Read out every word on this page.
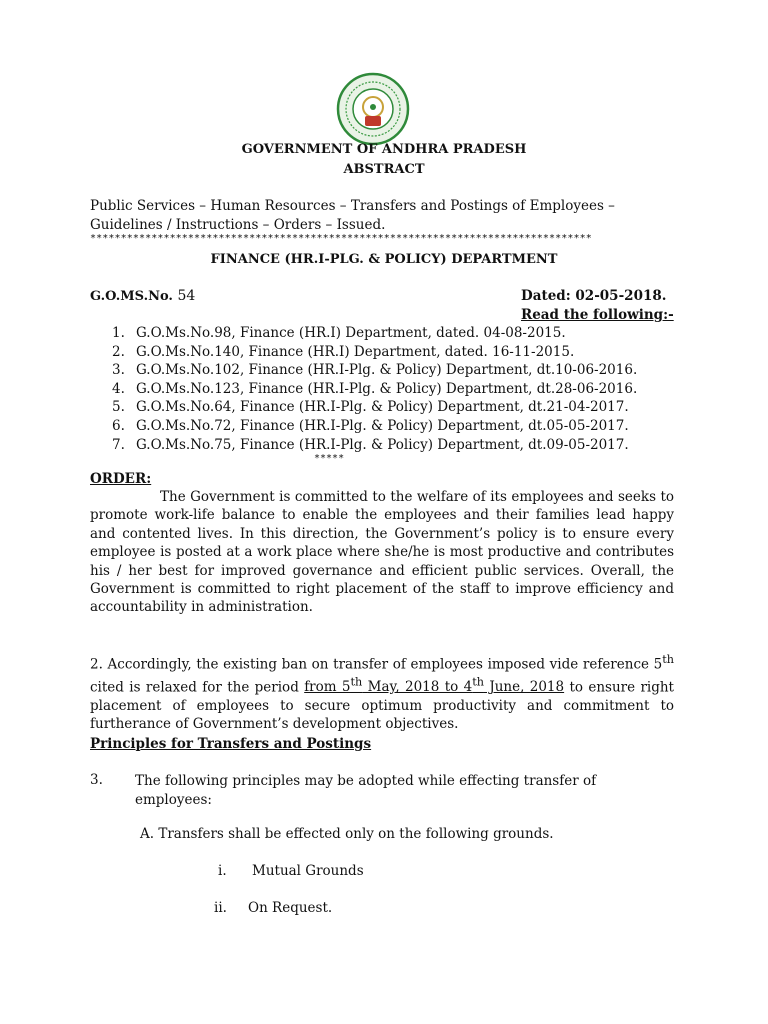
GOVERNMENT OF ANDHRA PRADESH
ABSTRACT
Public Services – Human Resources – Transfers and Postings of Employees –
Guidelines / Instructions – Orders – Issued.
**********************************************************************************
FINANCE (HR.I-PLG. & POLICY) DEPARTMENT
G.O.MS.No. 54	Dated: 02-05-2018.
Read the following:-
1. G.O.Ms.No.98, Finance (HR.I) Department, dated. 04-08-2015.
2. G.O.Ms.No.140, Finance (HR.I) Department, dated. 16-11-2015.
3. G.O.Ms.No.102, Finance (HR.I-Plg. & Policy) Department, dt.10-06-2016.
4. G.O.Ms.No.123, Finance (HR.I-Plg. & Policy) Department, dt.28-06-2016.
5. G.O.Ms.No.64, Finance (HR.I-Plg. & Policy) Department, dt.21-04-2017.
6. G.O.Ms.No.72, Finance (HR.I-Plg. & Policy) Department, dt.05-05-2017.
7. G.O.Ms.No.75, Finance (HR.I-Plg. & Policy) Department, dt.09-05-2017.
*****
ORDER:
The Government is committed to the welfare of its employees and seeks to promote work-life balance to enable the employees and their families lead happy and contented lives. In this direction, the Government’s policy is to ensure every employee is posted at a work place where she/he is most productive and contributes his / her best for improved governance and efficient public services. Overall, the Government is committed to right placement of the staff to improve efficiency and accountability in administration.
2. Accordingly, the existing ban on transfer of employees imposed vide reference 5th cited is relaxed for the period from 5th May, 2018 to 4th June, 2018 to ensure right placement of employees to secure optimum productivity and commitment to furtherance of Government’s development objectives.
Principles for Transfers and Postings
3. The following principles may be adopted while effecting transfer of employees:
A. Transfers shall be effected only on the following grounds.
i. Mutual Grounds
ii. On Request.
